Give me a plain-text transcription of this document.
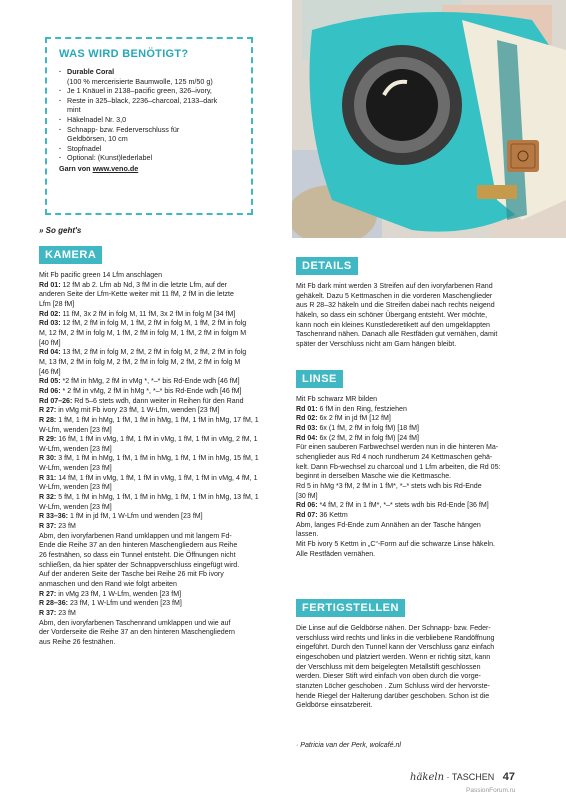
WAS WIRD BENÖTIGT?
· Durable Coral
(100 % mercerisierte Baumwolle, 125 m/50 g)
· Je 1 Knäuel in 2138–pacific green, 326–ivory,
· Reste in 325–black, 2236–charcoal, 2133–dark
mint
· Häkelnadel Nr. 3,0
· Schnapp- bzw. Federverschluss für
Geldbörsen, 10 cm
· Stopfnadel
· Optional: (Kunst)lederlabel
Garn von www.veno.de
» So geht's
KAMERA

Mit Fb pacific green 14 Lfm anschlagen

Rd 01: 12 fM ab 2. Lfm ab Nd, 3 fM in die letzte Lfm, auf der

anderen Seite der Lfm-Kette weiter mit 11 fM, 2 fM in die letzte

Lfm [28 fM]

Rd 02: 11 fM, 3x 2 fM in folg M, 11 fM, 3x 2 fM in folg M [34 fM]

Rd 03: 12 fM, 2 fM in folg M, 1 fM, 2 fM in folg M, 1 fM, 2 fM in folg

M, 12 fM, 2 fM in folg M, 1 fM, 2 fM in folg M, 1 fM, 2 fM in folgm M

[40 fM]

Rd 04: 13 fM, 2 fM in folg M, 2 fM, 2 fM in folg M, 2 fM, 2 fM in folg

M, 13 fM, 2 fM in folg M, 2 fM, 2 fM in folg M, 2 fM, 2 fM in folg M

[46 fM]

Rd 05: *2 fM in hMg, 2 fM in vMg *, *–* bis Rd-Ende wdh [46 fM]

Rd 06: * 2 fM in vMg, 2 fM in hMg *, *–* bis Rd-Ende wdh [46 fM]

Rd 07–26: Rd 5–6 stets wdh, dann weiter in Reihen für den Rand

R 27: in vMg mit Fb ivory 23 fM, 1 W-Lfm, wenden [23 fM]

R 28: 1 fM, 1 fM in hMg, 1 fM, 1 fM in hMg, 1 fM, 1 fM in hMg, 17 fM, 1

W-Lfm, wenden [23 fM]

R 29: 16 fM, 1 fM in vMg, 1 fM, 1 fM in vMg, 1 fM, 1 fM in vMg, 2 fM, 1

W-Lfm, wenden [23 fM]

R 30: 3 fM, 1 fM in hMg, 1 fM, 1 fM in hMg, 1 fM, 1 fM in hMg, 15 fM, 1

W-Lfm, wenden [23 fM]

R 31: 14 fM, 1 fM in vMg, 1 fM, 1 fM in vMg, 1 fM, 1 fM in vMg, 4 fM, 1

W-Lfm, wenden [23 fM]

R 32: 5 fM, 1 fM in hMg, 1 fM, 1 fM in hMg, 1 fM, 1 fM in hMg, 13 fM, 1

W-Lfm, wenden [23 fM]

R 33–36: 1 fM in jd fM, 1 W-Lfm und wenden [23 fM]

R 37: 23 fM

Abm, den ivoryfarbenen Rand umklappen und mit langem Fd-

Ende die Reihe 37 an den hinteren Maschengliedern aus Reihe

26 festnähen, so dass ein Tunnel entsteht. Die Öffnungen nicht

schließen, da hier später der Schnappverschluss eingefügt wird.

Auf der anderen Seite der Tasche bei Reihe 26 mit Fb ivory

anmaschen und den Rand wie folgt arbeiten

R 27: in vMg 23 fM, 1 W-Lfm, wenden [23 fM]

R 28–36: 23 fM, 1 W-Lfm und wenden [23 fM]

R 37: 23 fM

Abm, den ivoryfarbenen Taschenrand umklappen und wie auf

der Vorderseite die Reihe 37 an den hinteren Maschengliedern

aus Reihe 26 festnähen.

DETAILS

Mit Fb dark mint werden 3 Streifen auf den ivoryfarbenen Rand

gehäkelt. Dazu 5 Kettmaschen in die vorderen Maschenglieder

aus R 28–32 häkeln und die Streifen dabei nach rechts neigend

häkeln, so dass ein schöner Übergang entsteht. Wer möchte,

kann noch ein kleines Kunstlederetikett auf den umgeklappten

Taschenrand nähen. Danach alle Restfäden gut vernähen, damit

später der Verschluss nicht am Garn hängen bleibt.

LINSE

Mit Fb schwarz MR bilden

Rd 01: 6 fM in den Ring, festziehen

Rd 02: 6x 2 fM in jd fM [12 fM]

Rd 03: 6x (1 fM, 2 fM in folg fM) [18 fM]

Rd 04: 6x (2 fM, 2 fM in folg fM) [24 fM]

Für einen sauberen Farbwechsel werden nun in die hinteren Ma-

schenglieder aus Rd 4 noch rundherum 24 Kettmaschen gehä-

kelt. Dann Fb-wechsel zu charcoal und 1 Lfm arbeiten, die Rd 05:

beginnt in derselben Masche wie die Kettmasche.

Rd 5 in hMg *3 fM, 2 fM in 1 fM*, *–* stets wdh bis Rd-Ende

[30 fM]

Rd 06: *4 fM, 2 fM in 1 fM*, *–* stets wdh bis Rd-Ende [36 fM]

Rd 07: 36 Kettm

Abm, langes Fd-Ende zum Annähen an der Tasche hängen

lassen.

Mit Fb ivory 5 Kettm in „C“-Form auf die schwarze Linse häkeln.

Alle Restfäden vernähen.

FERTIGSTELLEN

Die Linse auf die Geldbörse nähen. Der Schnapp- bzw. Feder-

verschluss wird rechts und links in die verbliebene Randöffnung

eingeführt. Durch den Tunnel kann der Verschluss ganz einfach

eingeschoben und platziert werden. Wenn er richtig sitzt, kann

der Verschluss mit dem beigelegten Metallstift geschlossen

werden. Dieser Stift wird einfach von oben durch die vorge-

stanzten Löcher geschoben . Zum Schluss wird der hervorste-

hende Riegel der Halterung darüber geschoben. Schon ist die

Geldbörse einsatzbereit.

· Patricia van der Perk, wolcafé.nl
häkeln · TASCHEN 47
PassionForum.ru
